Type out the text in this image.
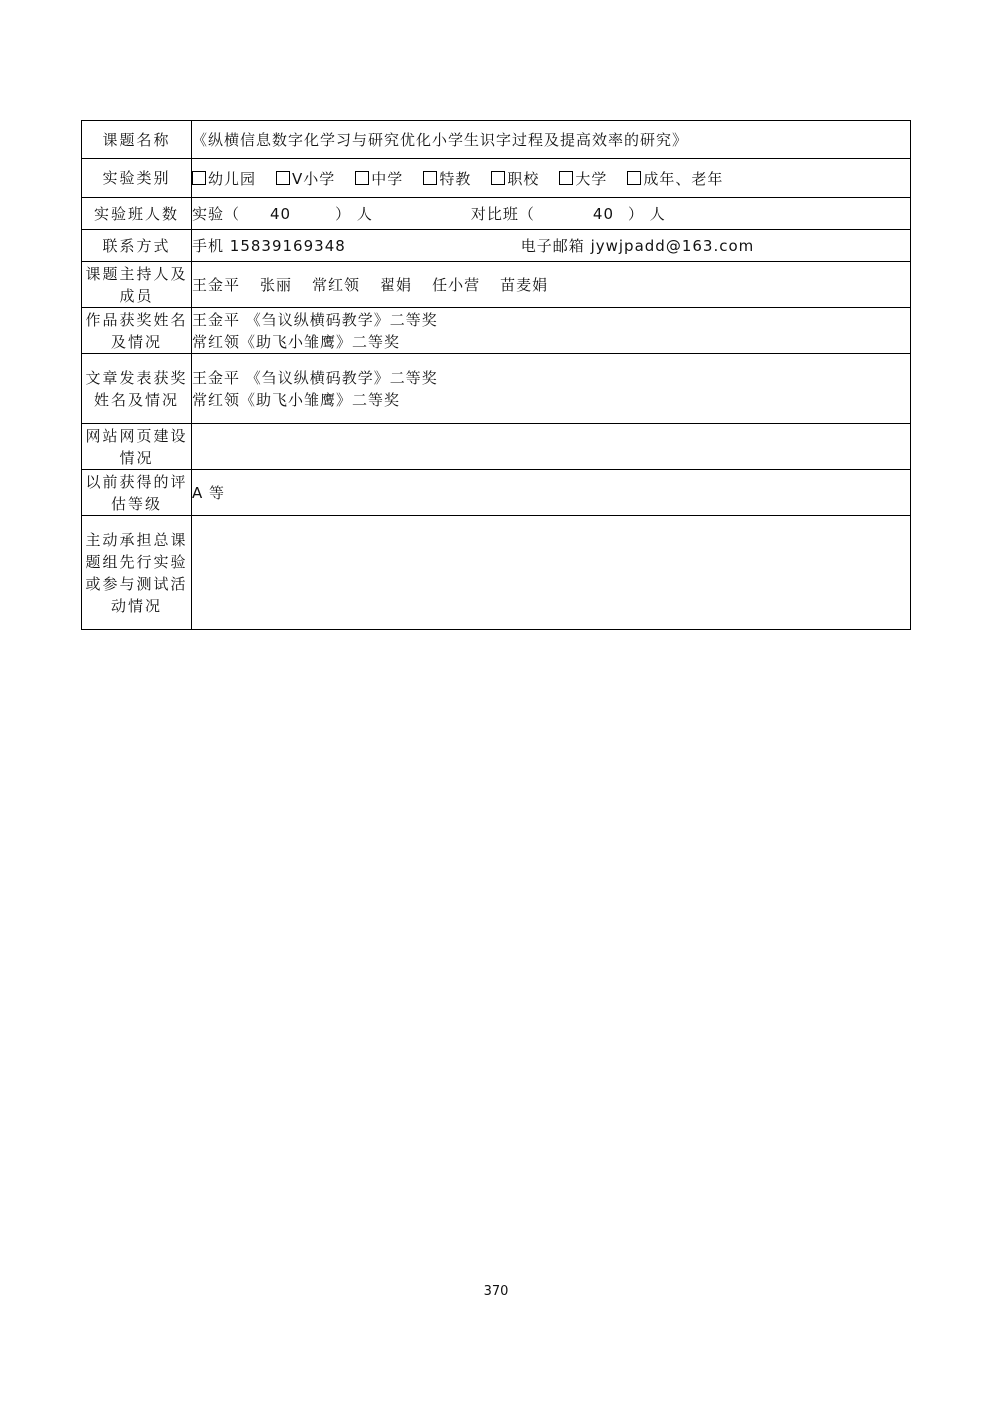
课题名称	《纵横信息数字化学习与研究优化小学生识字过程及提高效率的研究》
实验类别	幼儿园 V小学 中学 特教 职校 大学 成年、老年
实验班人数	实验（ 40 ） 人 对比班（ 40 ） 人
联系方式	手机 15839169348 电子邮箱 jywjpadd@163.com
课题主持人及成员	王金平 张丽 常红领 翟娟 任小营 苗麦娟
作品获奖姓名及情况	王金平 《刍议纵横码教学》二等奖
常红领《助飞小雏鹰》二等奖

文章发表获奖姓名及情况	王金平 《刍议纵横码教学》二等奖
常红领《助飞小雏鹰》二等奖

网站网页建设情况	
以前获得的评估等级	A 等
主动承担总课题组先行实验或参与测试活动情况	
370
